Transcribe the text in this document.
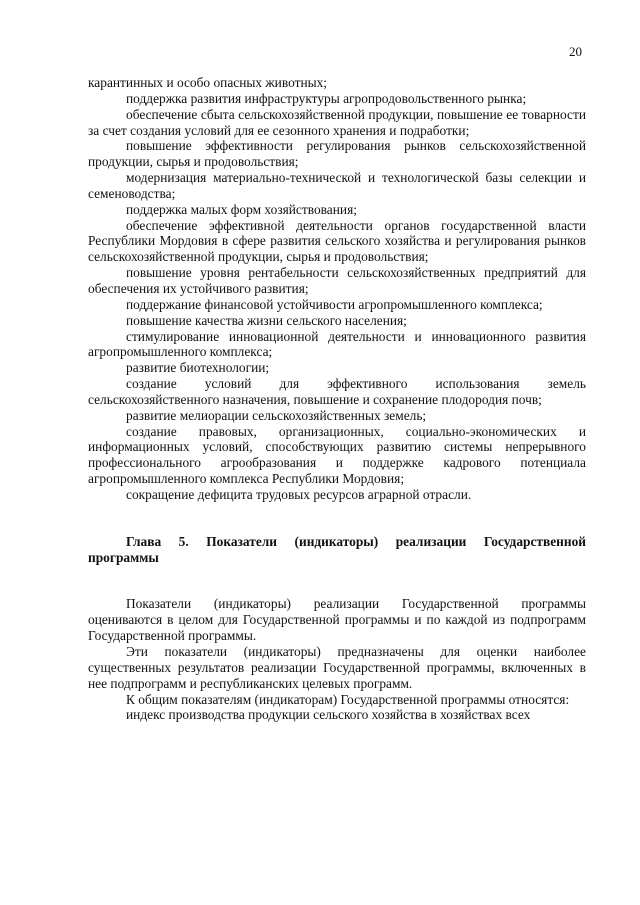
20

карантинных и особо опасных животных;

поддержка развития инфраструктуры агропродовольственного рынка;

обеспечение сбыта сельскохозяйственной продукции, повышение ее товарности за счет создания условий для ее сезонного хранения и подработки;

повышение эффективности регулирования рынков сельскохозяйственной продукции, сырья и продовольствия;

модернизация материально-технической и технологической базы селекции и семеноводства;

поддержка малых форм хозяйствования;

обеспечение эффективной деятельности органов государственной власти Республики Мордовия в сфере развития сельского хозяйства и регулирования рынков сельскохозяйственной продукции, сырья и продовольствия;

повышение уровня рентабельности сельскохозяйственных предприятий для обеспечения их устойчивого развития;

поддержание финансовой устойчивости агропромышленного комплекса;

повышение качества жизни сельского населения;

стимулирование инновационной деятельности и инновационного развития агропромышленного комплекса;

развитие биотехнологии;

создание условий для эффективного использования земель сельскохозяйственного назначения, повышение и сохранение плодородия почв;

развитие мелиорации сельскохозяйственных земель;

создание правовых, организационных, социально-экономических и информационных условий, способствующих развитию системы непрерывного профессионального агрообразования и поддержке кадрового потенциала агропромышленного комплекса Республики Мордовия;

сокращение дефицита трудовых ресурсов аграрной отрасли.

Глава 5. Показатели (индикаторы) реализации Государственной программы

Показатели (индикаторы) реализации Государственной программы оцениваются в целом для Государственной программы и по каждой из подпрограмм Государственной программы.

Эти показатели (индикаторы) предназначены для оценки наиболее существенных результатов реализации Государственной программы, включенных в нее подпрограмм и республиканских целевых программ.

К общим показателям (индикаторам) Государственной программы относятся:

индекс производства продукции сельского хозяйства в хозяйствах всех
